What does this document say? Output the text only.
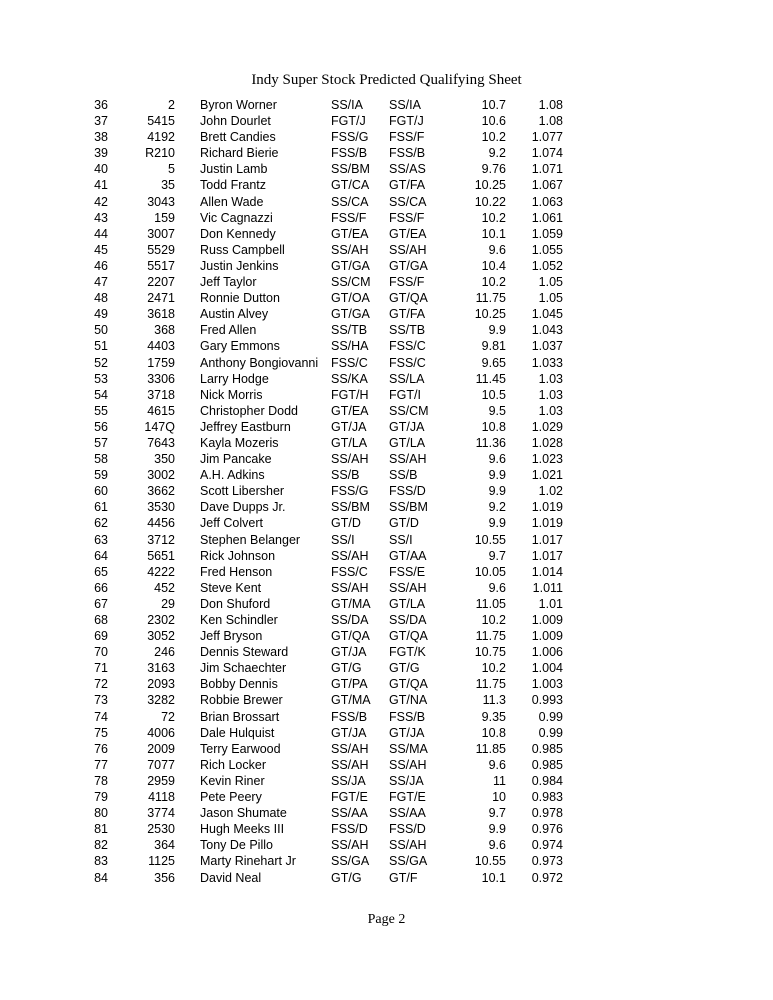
Indy Super Stock Predicted Qualifying Sheet
36	2		Byron Worner	SS/IA	SS/IA	10.7	1.08
37	5415		John Dourlet	FGT/J	FGT/J	10.6	1.08
38	4192		Brett Candies	FSS/G	FSS/F	10.2	1.077
39	R210		Richard Bierie	FSS/B	FSS/B	9.2	1.074
40	5		Justin Lamb	SS/BM	SS/AS	9.76	1.071
41	35		Todd Frantz	GT/CA	GT/FA	10.25	1.067
42	3043		Allen Wade	SS/CA	SS/CA	10.22	1.063
43	159		Vic Cagnazzi	FSS/F	FSS/F	10.2	1.061
44	3007		Don Kennedy	GT/EA	GT/EA	10.1	1.059
45	5529		Russ Campbell	SS/AH	SS/AH	9.6	1.055
46	5517		Justin Jenkins	GT/GA	GT/GA	10.4	1.052
47	2207		Jeff Taylor	SS/CM	FSS/F	10.2	1.05
48	2471		Ronnie Dutton	GT/OA	GT/QA	11.75	1.05
49	3618		Austin Alvey	GT/GA	GT/FA	10.25	1.045
50	368		Fred Allen	SS/TB	SS/TB	9.9	1.043
51	4403		Gary Emmons	SS/HA	FSS/C	9.81	1.037
52	1759		Anthony Bongiovanni	FSS/C	FSS/C	9.65	1.033
53	3306		Larry Hodge	SS/KA	SS/LA	11.45	1.03
54	3718		Nick Morris	FGT/H	FGT/I	10.5	1.03
55	4615		Christopher Dodd	GT/EA	SS/CM	9.5	1.03
56	147Q		Jeffrey Eastburn	GT/JA	GT/JA	10.8	1.029
57	7643		Kayla Mozeris	GT/LA	GT/LA	11.36	1.028
58	350		Jim Pancake	SS/AH	SS/AH	9.6	1.023
59	3002		A.H. Adkins	SS/B	SS/B	9.9	1.021
60	3662		Scott Libersher	FSS/G	FSS/D	9.9	1.02
61	3530		Dave Dupps Jr.	SS/BM	SS/BM	9.2	1.019
62	4456		Jeff Colvert	GT/D	GT/D	9.9	1.019
63	3712		Stephen Belanger	SS/I	SS/I	10.55	1.017
64	5651		Rick Johnson	SS/AH	GT/AA	9.7	1.017
65	4222		Fred Henson	FSS/C	FSS/E	10.05	1.014
66	452		Steve Kent	SS/AH	SS/AH	9.6	1.011
67	29		Don Shuford	GT/MA	GT/LA	11.05	1.01
68	2302		Ken Schindler	SS/DA	SS/DA	10.2	1.009
69	3052		Jeff Bryson	GT/QA	GT/QA	11.75	1.009
70	246		Dennis Steward	GT/JA	FGT/K	10.75	1.006
71	3163		Jim Schaechter	GT/G	GT/G	10.2	1.004
72	2093		Bobby Dennis	GT/PA	GT/QA	11.75	1.003
73	3282		Robbie Brewer	GT/MA	GT/NA	11.3	0.993
74	72		Brian Brossart	FSS/B	FSS/B	9.35	0.99
75	4006		Dale Hulquist	GT/JA	GT/JA	10.8	0.99
76	2009		Terry Earwood	SS/AH	SS/MA	11.85	0.985
77	7077		Rich Locker	SS/AH	SS/AH	9.6	0.985
78	2959		Kevin Riner	SS/JA	SS/JA	11	0.984
79	4118		Pete Peery	FGT/E	FGT/E	10	0.983
80	3774		Jason Shumate	SS/AA	SS/AA	9.7	0.978
81	2530		Hugh Meeks III	FSS/D	FSS/D	9.9	0.976
82	364		Tony De Pillo	SS/AH	SS/AH	9.6	0.974
83	1125		Marty Rinehart Jr	SS/GA	SS/GA	10.55	0.973
84	356		David Neal	GT/G	GT/F	10.1	0.972
Page 2
